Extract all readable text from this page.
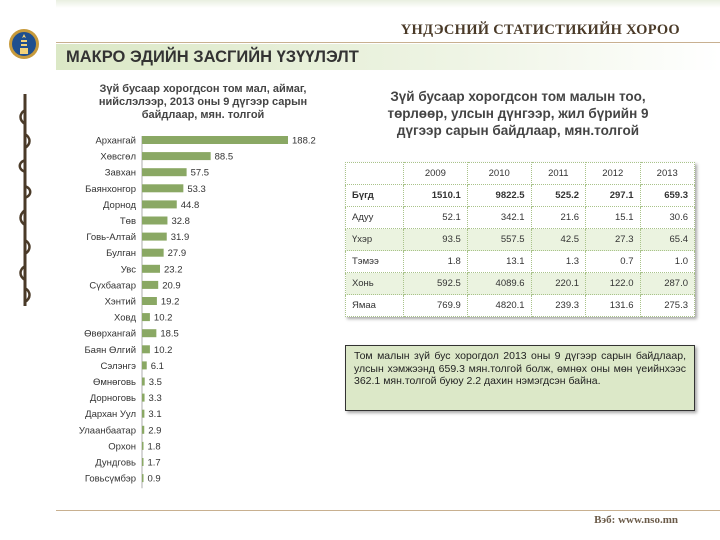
ҮНДЭСНИЙ СТАТИСТИКИЙН ХОРОО
МАКРО ЭДИЙН ЗАСГИЙН ҮЗҮҮЛЭЛТ
Зүй бусаар хорогдсон том мал, аймаг,
нийслэлээр, 2013 оны 9 дүгээр сарын
байдлаар, мян. толгой
Архангай	188.2
Хөвсгөл	88.5
Завхан	57.5
Баянхонгор	53.3
Дорнод	44.8
Төв	32.8
Говь-Алтай	31.9
Булган	27.9
Увс	23.2
Сүхбаатар	20.9
Хэнтий	19.2
Ховд 10.2
Өвөрхангай	18.5
Баян Өлгий 10.2
Сэлэнгэ 6.1
Өмнөговь 3.5
Дорноговь 3.3
Дархан Уул 3.1
Улаанбаатар 2.9
Орхон 1.8
Дундговь 1.7
Говьсүмбэр 0.9
Зүй бусаар хорогдсон том малын тоо,
төрлөөр, улсын дүнгээр, жил бүрийн 9
дүгээр сарын байдлаар, мян.толгой
	2009	2010	2011	2012	2013
Бүгд	1510.1	9822.5	525.2	297.1	659.3
Адуу	52.1	342.1	21.6	15.1	30.6
Үхэр	93.5	557.5	42.5	27.3	65.4
Тэмээ	1.8	13.1	1.3	0.7	1.0
Хонь	592.5	4089.6	220.1	122.0	287.0
Ямаа	769.9	4820.1	239.3	131.6	275.3
Том малын зүй бус хорогдол 2013 оны 9 дүгээр сарын байдлаар, улсын хэмжээнд 659.3 мян.толгой болж, өмнөх оны мөн үеийнхээс 362.1 мян.толгой буюу 2.2 дахин нэмэгдсэн байна.
Вэб: www.nso.mn
